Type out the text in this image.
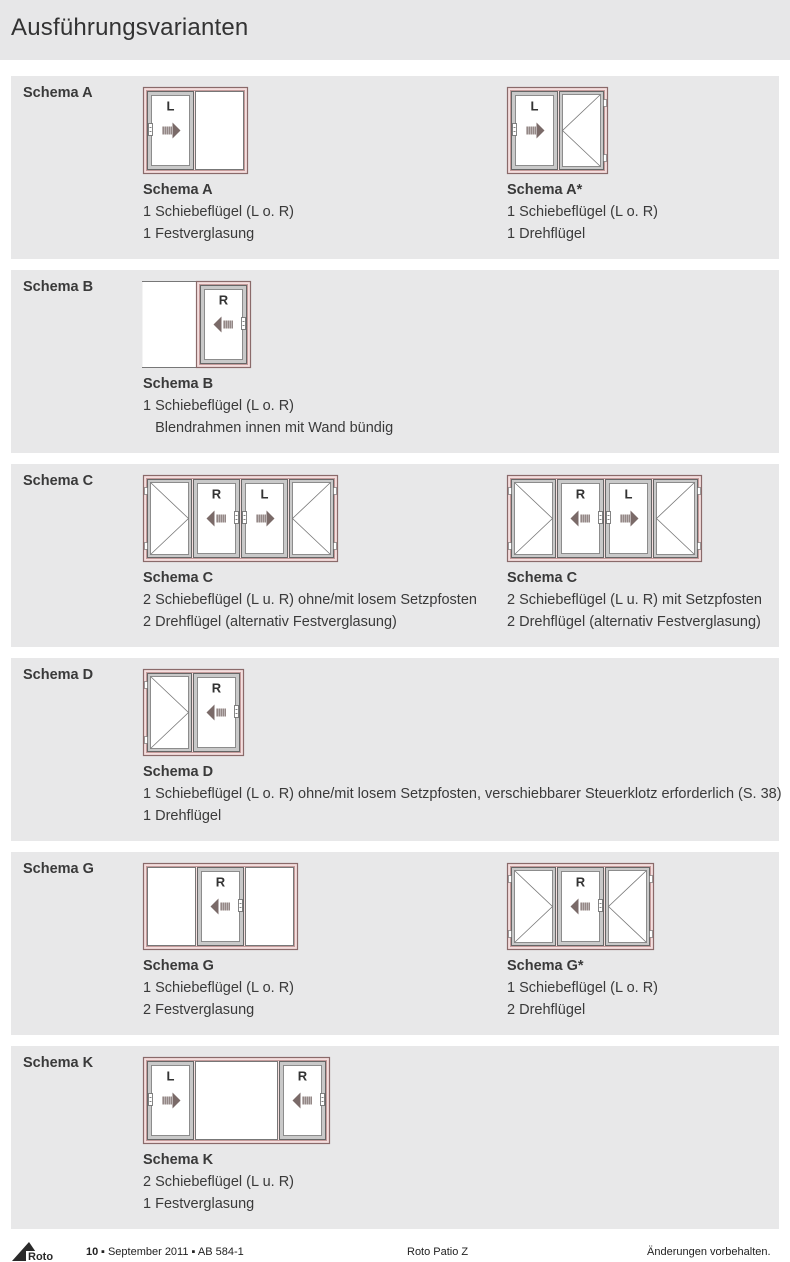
Ausführungsvarianten
Schema A
L
Schema A
1 Schiebeflügel (L o. R)
1 Festverglasung
L
Schema A*
1 Schiebeflügel (L o. R)
1 Drehflügel
Schema B
R
Schema B
1 Schiebeflügel (L o. R)
Blendrahmen innen mit Wand bündig
Schema C
R	L
Schema C
2 Schiebeflügel (L u. R) ohne/mit losem Setzpfosten
2 Drehflügel (alternativ Festverglasung)
R	L
Schema C
2 Schiebeflügel (L u. R) mit Setzpfosten
2 Drehflügel (alternativ Festverglasung)
Schema D
R
Schema D
1 Schiebeflügel (L o. R) ohne/mit losem Setzpfosten, verschiebbarer Steuerklotz erforderlich (S. 38)
1 Drehflügel
Schema G
R
Schema G
1 Schiebeflügel (L o. R)
2 Festverglasung
R
Schema G*
1 Schiebeflügel (L o. R)
2 Drehflügel
Schema K
L	R
Schema K
2 Schiebeflügel (L u. R)
1 Festverglasung
Roto	10 ▪ September 2011 ▪ AB 584-1	Roto Patio Z	Änderungen vorbehalten.
